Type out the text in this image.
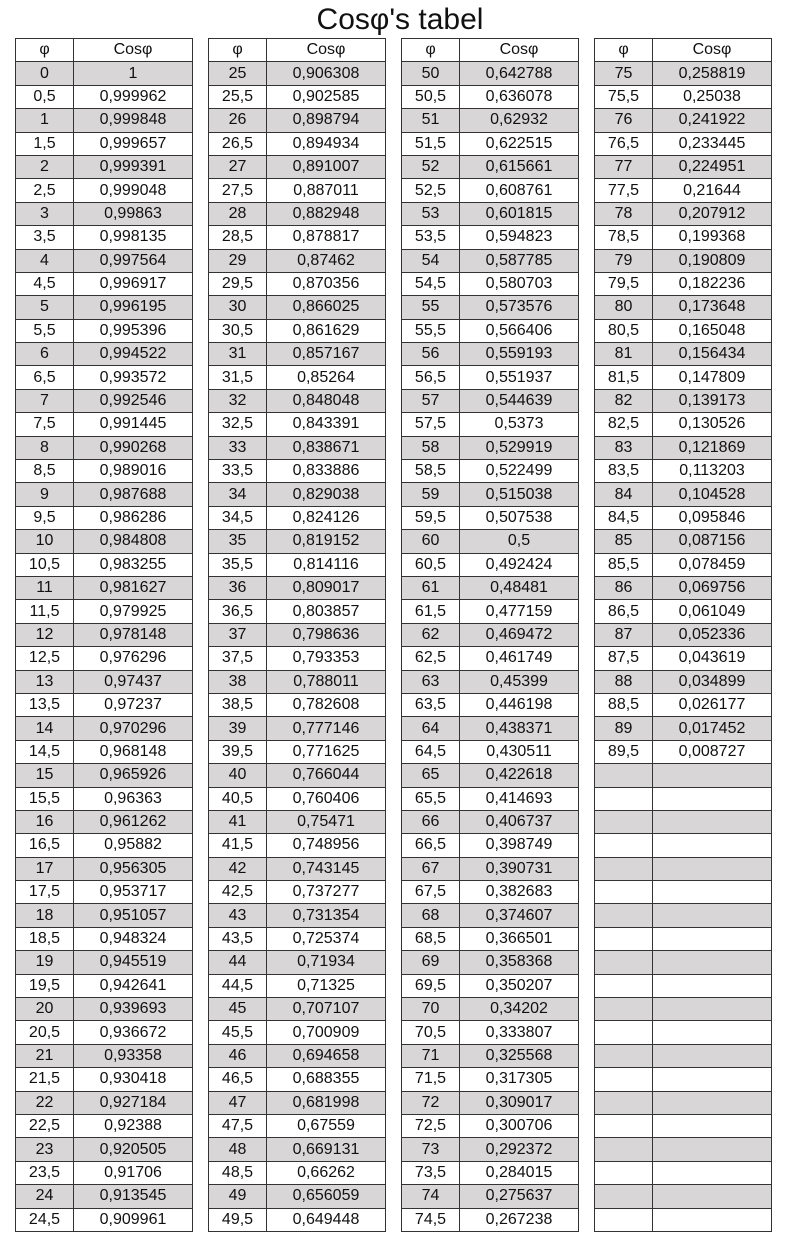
Cosφ's tabel
φ	Cosφ		φ	Cosφ		φ	Cosφ		φ	Cosφ
0	1		25	0,906308		50	0,642788		75	0,258819
0,5	0,999962		25,5	0,902585		50,5	0,636078		75,5	0,25038
1	0,999848		26	0,898794		51	0,62932		76	0,241922
1,5	0,999657		26,5	0,894934		51,5	0,622515		76,5	0,233445
2	0,999391		27	0,891007		52	0,615661		77	0,224951
2,5	0,999048		27,5	0,887011		52,5	0,608761		77,5	0,21644
3	0,99863		28	0,882948		53	0,601815		78	0,207912
3,5	0,998135		28,5	0,878817		53,5	0,594823		78,5	0,199368
4	0,997564		29	0,87462		54	0,587785		79	0,190809
4,5	0,996917		29,5	0,870356		54,5	0,580703		79,5	0,182236
5	0,996195		30	0,866025		55	0,573576		80	0,173648
5,5	0,995396		30,5	0,861629		55,5	0,566406		80,5	0,165048
6	0,994522		31	0,857167		56	0,559193		81	0,156434
6,5	0,993572		31,5	0,85264		56,5	0,551937		81,5	0,147809
7	0,992546		32	0,848048		57	0,544639		82	0,139173
7,5	0,991445		32,5	0,843391		57,5	0,5373		82,5	0,130526
8	0,990268		33	0,838671		58	0,529919		83	0,121869
8,5	0,989016		33,5	0,833886		58,5	0,522499		83,5	0,113203
9	0,987688		34	0,829038		59	0,515038		84	0,104528
9,5	0,986286		34,5	0,824126		59,5	0,507538		84,5	0,095846
10	0,984808		35	0,819152		60	0,5		85	0,087156
10,5	0,983255		35,5	0,814116		60,5	0,492424		85,5	0,078459
11	0,981627		36	0,809017		61	0,48481		86	0,069756
11,5	0,979925		36,5	0,803857		61,5	0,477159		86,5	0,061049
12	0,978148		37	0,798636		62	0,469472		87	0,052336
12,5	0,976296		37,5	0,793353		62,5	0,461749		87,5	0,043619
13	0,97437		38	0,788011		63	0,45399		88	0,034899
13,5	0,97237		38,5	0,782608		63,5	0,446198		88,5	0,026177
14	0,970296		39	0,777146		64	0,438371		89	0,017452
14,5	0,968148		39,5	0,771625		64,5	0,430511		89,5	0,008727
15	0,965926		40	0,766044		65	0,422618			
15,5	0,96363		40,5	0,760406		65,5	0,414693			
16	0,961262		41	0,75471		66	0,406737			
16,5	0,95882		41,5	0,748956		66,5	0,398749			
17	0,956305		42	0,743145		67	0,390731			
17,5	0,953717		42,5	0,737277		67,5	0,382683			
18	0,951057		43	0,731354		68	0,374607			
18,5	0,948324		43,5	0,725374		68,5	0,366501			
19	0,945519		44	0,71934		69	0,358368			
19,5	0,942641		44,5	0,71325		69,5	0,350207			
20	0,939693		45	0,707107		70	0,34202			
20,5	0,936672		45,5	0,700909		70,5	0,333807			
21	0,93358		46	0,694658		71	0,325568			
21,5	0,930418		46,5	0,688355		71,5	0,317305			
22	0,927184		47	0,681998		72	0,309017			
22,5	0,92388		47,5	0,67559		72,5	0,300706			
23	0,920505		48	0,669131		73	0,292372			
23,5	0,91706		48,5	0,66262		73,5	0,284015			
24	0,913545		49	0,656059		74	0,275637			
24,5	0,909961		49,5	0,649448		74,5	0,267238			
